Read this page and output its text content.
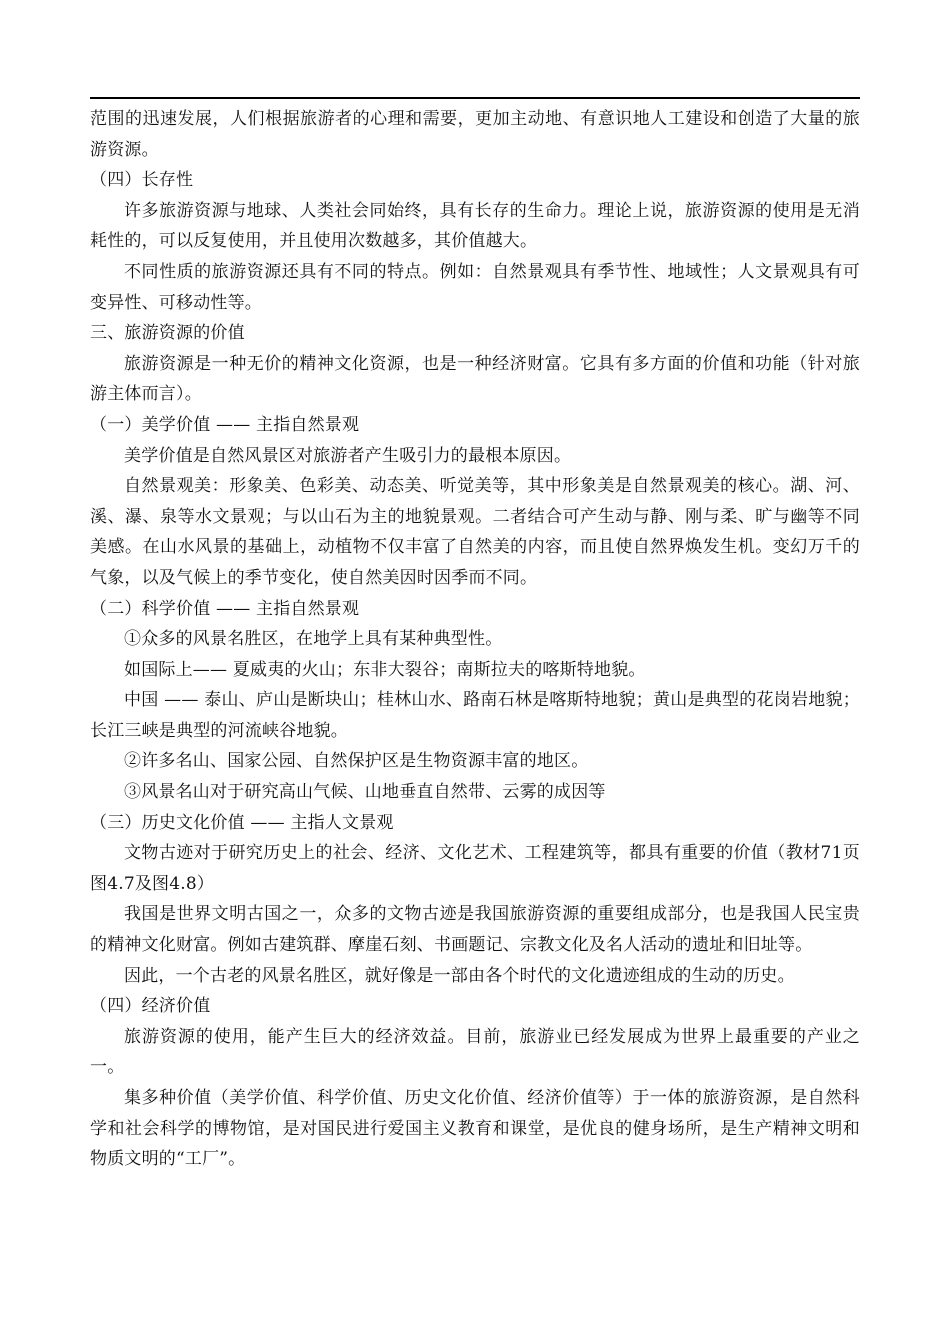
范围的迅速发展，人们根据旅游者的心理和需要，更加主动地、有意识地人工建设和创造了大量的旅游资源。

（四）长存性

许多旅游资源与地球、人类社会同始终，具有长存的生命力。理论上说，旅游资源的使用是无消耗性的，可以反复使用，并且使用次数越多，其价值越大。

不同性质的旅游资源还具有不同的特点。例如：自然景观具有季节性、地域性；人文景观具有可变异性、可移动性等。

三、旅游资源的价值

旅游资源是一种无价的精神文化资源，也是一种经济财富。它具有多方面的价值和功能（针对旅游主体而言）。

（一）美学价值 —— 主指自然景观

美学价值是自然风景区对旅游者产生吸引力的最根本原因。

自然景观美：形象美、色彩美、动态美、听觉美等，其中形象美是自然景观美的核心。湖、河、溪、瀑、泉等水文景观；与以山石为主的地貌景观。二者结合可产生动与静、刚与柔、旷与幽等不同美感。在山水风景的基础上，动植物不仅丰富了自然美的内容，而且使自然界焕发生机。变幻万千的气象，以及气候上的季节变化，使自然美因时因季而不同。

（二）科学价值 —— 主指自然景观

①众多的风景名胜区，在地学上具有某种典型性。

如国际上—— 夏威夷的火山；东非大裂谷；南斯拉夫的喀斯特地貌。

中国 —— 泰山、庐山是断块山；桂林山水、路南石林是喀斯特地貌；黄山是典型的花岗岩地貌；长江三峡是典型的河流峡谷地貌。

②许多名山、国家公园、自然保护区是生物资源丰富的地区。

③风景名山对于研究高山气候、山地垂直自然带、云雾的成因等

（三）历史文化价值 —— 主指人文景观

文物古迹对于研究历史上的社会、经济、文化艺术、工程建筑等，都具有重要的价值（教材71页 图4.7及图4.8）

我国是世界文明古国之一，众多的文物古迹是我国旅游资源的重要组成部分，也是我国人民宝贵的精神文化财富。例如古建筑群、摩崖石刻、书画题记、宗教文化及名人活动的遗址和旧址等。

因此，一个古老的风景名胜区，就好像是一部由各个时代的文化遗迹组成的生动的历史。

（四）经济价值

旅游资源的使用，能产生巨大的经济效益。目前，旅游业已经发展成为世界上最重要的产业之一。

集多种价值（美学价值、科学价值、历史文化价值、经济价值等）于一体的旅游资源，是自然科学和社会科学的博物馆，是对国民进行爱国主义教育和课堂，是优良的健身场所，是生产精神文明和物质文明的“工厂”。
